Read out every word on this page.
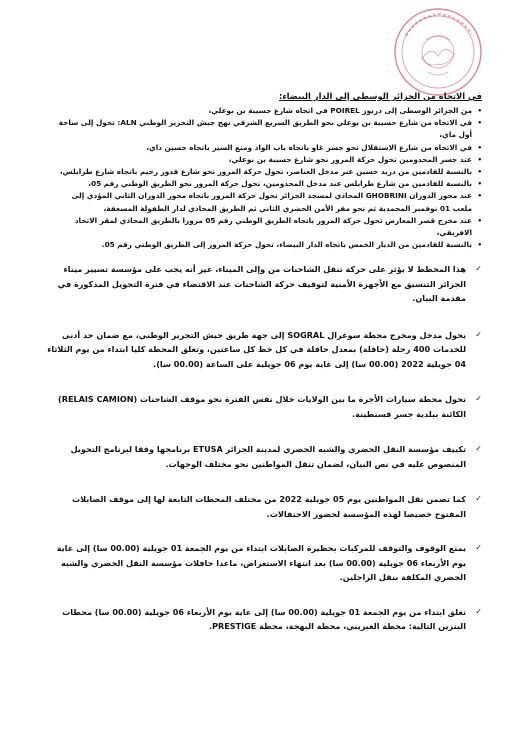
في الاتجاه من الجزائر الوسطى إلى الدار البيضاء:
•
من الجزائر الوسطى إلى دربوز POIREL في اتجاه شارع حسيبة بن بوعلي،
•
في الاتجاه من شارع حسيبة بن بوعلي نحو الطريق السريع الشرقي نهج جيش التحرير الوطني ALN: تحول إلى ساحة أول ماي،
•
في الاتجاه من شارع الاستقلال نحو جسر غاو باتجاه باب الواد ومنع السير باتجاه حسين داي،
•
عند جسر المحدومين تحول حركة المرور نحو شارع حسيبة بن بوعلي،
•
بالنسبة للقادمين من دريد حسين عبر مدخل العناصر، تحول حركة المرور نحو شارع قدور رحيم باتجاه شارع طرابلس،
•
بالنسبة للقادمين من شارع طرابلس عند مدخل المحدومين، تحول حركة المرور نحو الطريق الوطني رقم 05،
•
عند محور الدوران GHOBRINI المحاذي لمسجد الجزائر تحول حركة المرور باتجاه محور الدوران الثاني المؤدي إلى ملعب 01 نوفمبر المحمدية ثم نحو مقر الأمن الحضري الثاني ثم الطريق المحاذي لدار الطفولة المسعفة،
•
عند مخرج قصر المعارض تحول حركة المرور باتجاه الطريق الوطني رقم 05 مرورا بالطريق المحاذي لمقر الاتحاد الافريقي،
•
بالنسبة للقادمين من الديار الخمس باتجاه الدار البيضاء، تحول حركة المرور إلى الطريق الوطني رقم 05.
✓
هذا المخطط لا يؤثر على حركة تنقل الشاحنات من وإلى الميناء، غير أنه يجب على مؤسسة تسيير ميناء الجزائر التنسيق مع الأجهزة الأمنية لتوقيف حركة الشاحنات عند الاقتضاء في فترة التحويل المذكورة في مقدمة البيان.
✓
يحول مدخل ومخرج محطة سوغرال SOGRAL إلى جهة طريق جيش التحرير الوطني، مع ضمان حد أدنى للخدمات 400 رحلة (حافلة) بمعدل حافلة في كل خط كل ساعتين، وتغلق المحطة كليا ابتداء من يوم الثلاثاء 04 جويلية 2022 (00.00 سا) إلى غاية يوم 06 جويلية على الساعة (00.00 سا).
✓
تحول محطة سيارات الأجرة ما بين الولايات خلال نفس الفترة نحو موقف الشاحنات (RELAIS CAMION) الكائنة ببلدية جسر قسنطينة.
✓
تكييف مؤسسة النقل الحضري والشبه الحضري لمدينة الجزائر ETUSA برنامجها وفقا لبرنامج التحويل المنصوص عليه في نص البيان، لضمان تنقل المواطنين نحو مختلف الوجهات.
✓
كما تضمن نقل المواطنين يوم 05 جويلية 2022 من مختلف المحطات التابعة لها إلى موقف الصابلات المفتوح خصيصا لهذه المؤسسة لحضور الاحتفالات.
✓
يمنع الوقوف والتوقف للمركبات بحظيرة الصابلات ابتداء من يوم الجمعة 01 جويلية (00.00 سا) إلى غاية يوم الأربعاء 06 جويلية (00.00 سا) بعد انتهاء الاستعراض، ماعدا حافلات مؤسسة النقل الحضري والشبه الحضري المكلفة بنقل الراجلين.
✓
تغلق ابتداء من يوم الجمعة 01 جويلية (00.00 سا) إلى غاية يوم الأربعاء 06 جويلية (00.00 سا) محطات البنزين التالية: محطة الغبريني، محطة البهجة، محطة PRESTIGE.
